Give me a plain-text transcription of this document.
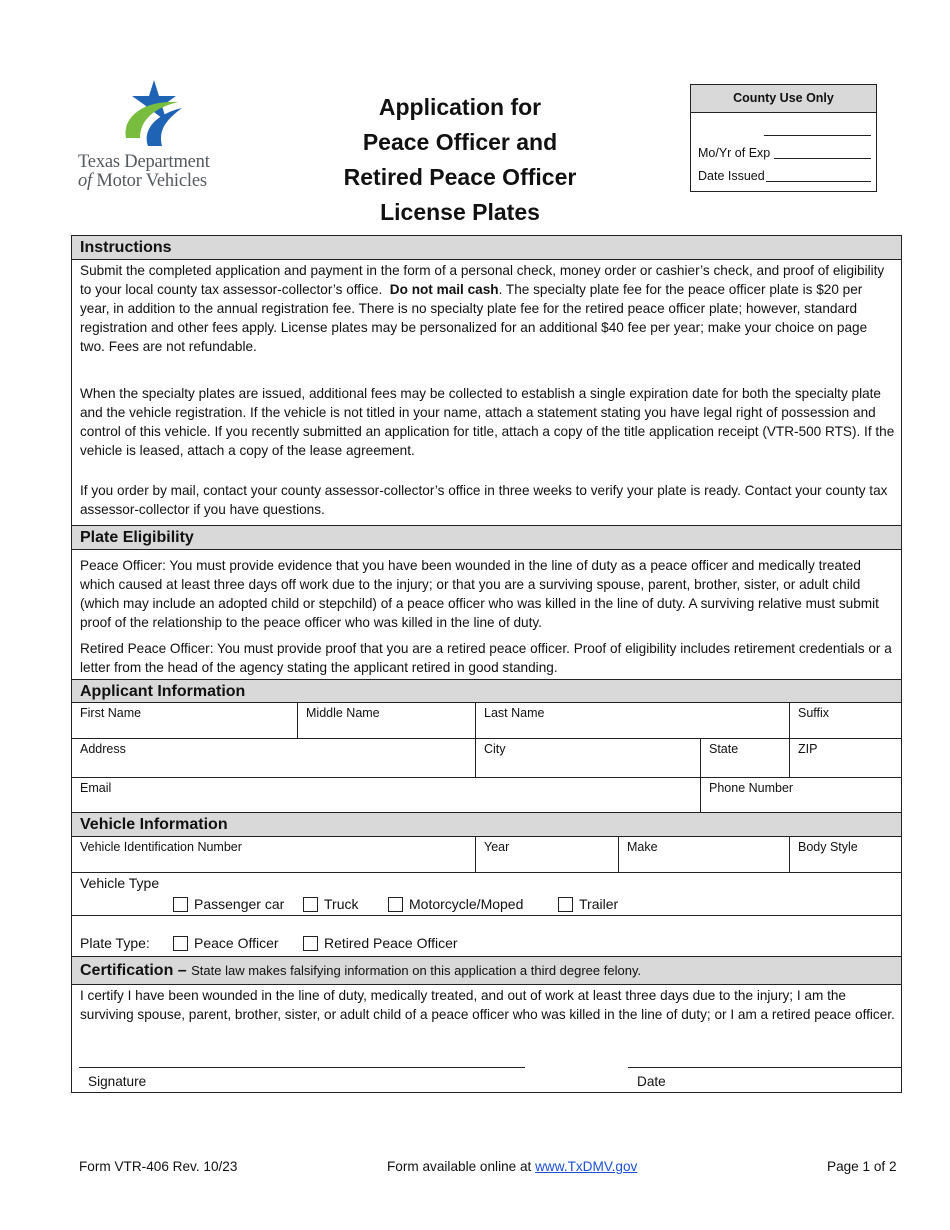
Texas Department
of Motor Vehicles
Application for
Peace Officer and
Retired Peace Officer
License Plates
County Use Only
Mo/Yr of Exp
Date Issued
Instructions
Submit the completed application and payment in the form of a personal check, money order or cashier’s check, and proof of eligibility to your local county tax assessor-collector’s office. Do not mail cash. The specialty plate fee for the peace officer plate is $20 per year, in addition to the annual registration fee. There is no specialty plate fee for the retired peace officer plate; however, standard registration and other fees apply. License plates may be personalized for an additional $40 fee per year; make your choice on page two. Fees are not refundable.
When the specialty plates are issued, additional fees may be collected to establish a single expiration date for both the specialty plate and the vehicle registration. If the vehicle is not titled in your name, attach a statement stating you have legal right of possession and control of this vehicle. If you recently submitted an application for title, attach a copy of the title application receipt (VTR-500 RTS). If the vehicle is leased, attach a copy of the lease agreement.
If you order by mail, contact your county assessor-collector’s office in three weeks to verify your plate is ready. Contact your county tax assessor-collector if you have questions.
Plate Eligibility
Peace Officer: You must provide evidence that you have been wounded in the line of duty as a peace officer and medically treated which caused at least three days off work due to the injury; or that you are a surviving spouse, parent, brother, sister, or adult child (which may include an adopted child or stepchild) of a peace officer who was killed in the line of duty. A surviving relative must submit proof of the relationship to the peace officer who was killed in the line of duty.
Retired Peace Officer: You must provide proof that you are a retired peace officer. Proof of eligibility includes retirement credentials or a letter from the head of the agency stating the applicant retired in good standing.
Applicant Information
First Name	Middle Name	Last Name	Suffix
Address	City	State	ZIP
Email	Phone Number
Vehicle Information
Vehicle Identification Number	Year	Make	Body Style
Vehicle Type
Passenger car	Truck	Motorcycle/Moped	Trailer
Plate Type:	Peace Officer	Retired Peace Officer
Certification – State law makes falsifying information on this application a third degree felony.
I certify I have been wounded in the line of duty, medically treated, and out of work at least three days due to the injury; I am the surviving spouse, parent, brother, sister, or adult child of a peace officer who was killed in the line of duty; or I am a retired peace officer.
Signature	Date
Form VTR-406 Rev. 10/23	Form available online at www.TxDMV.gov	Page 1 of 2
